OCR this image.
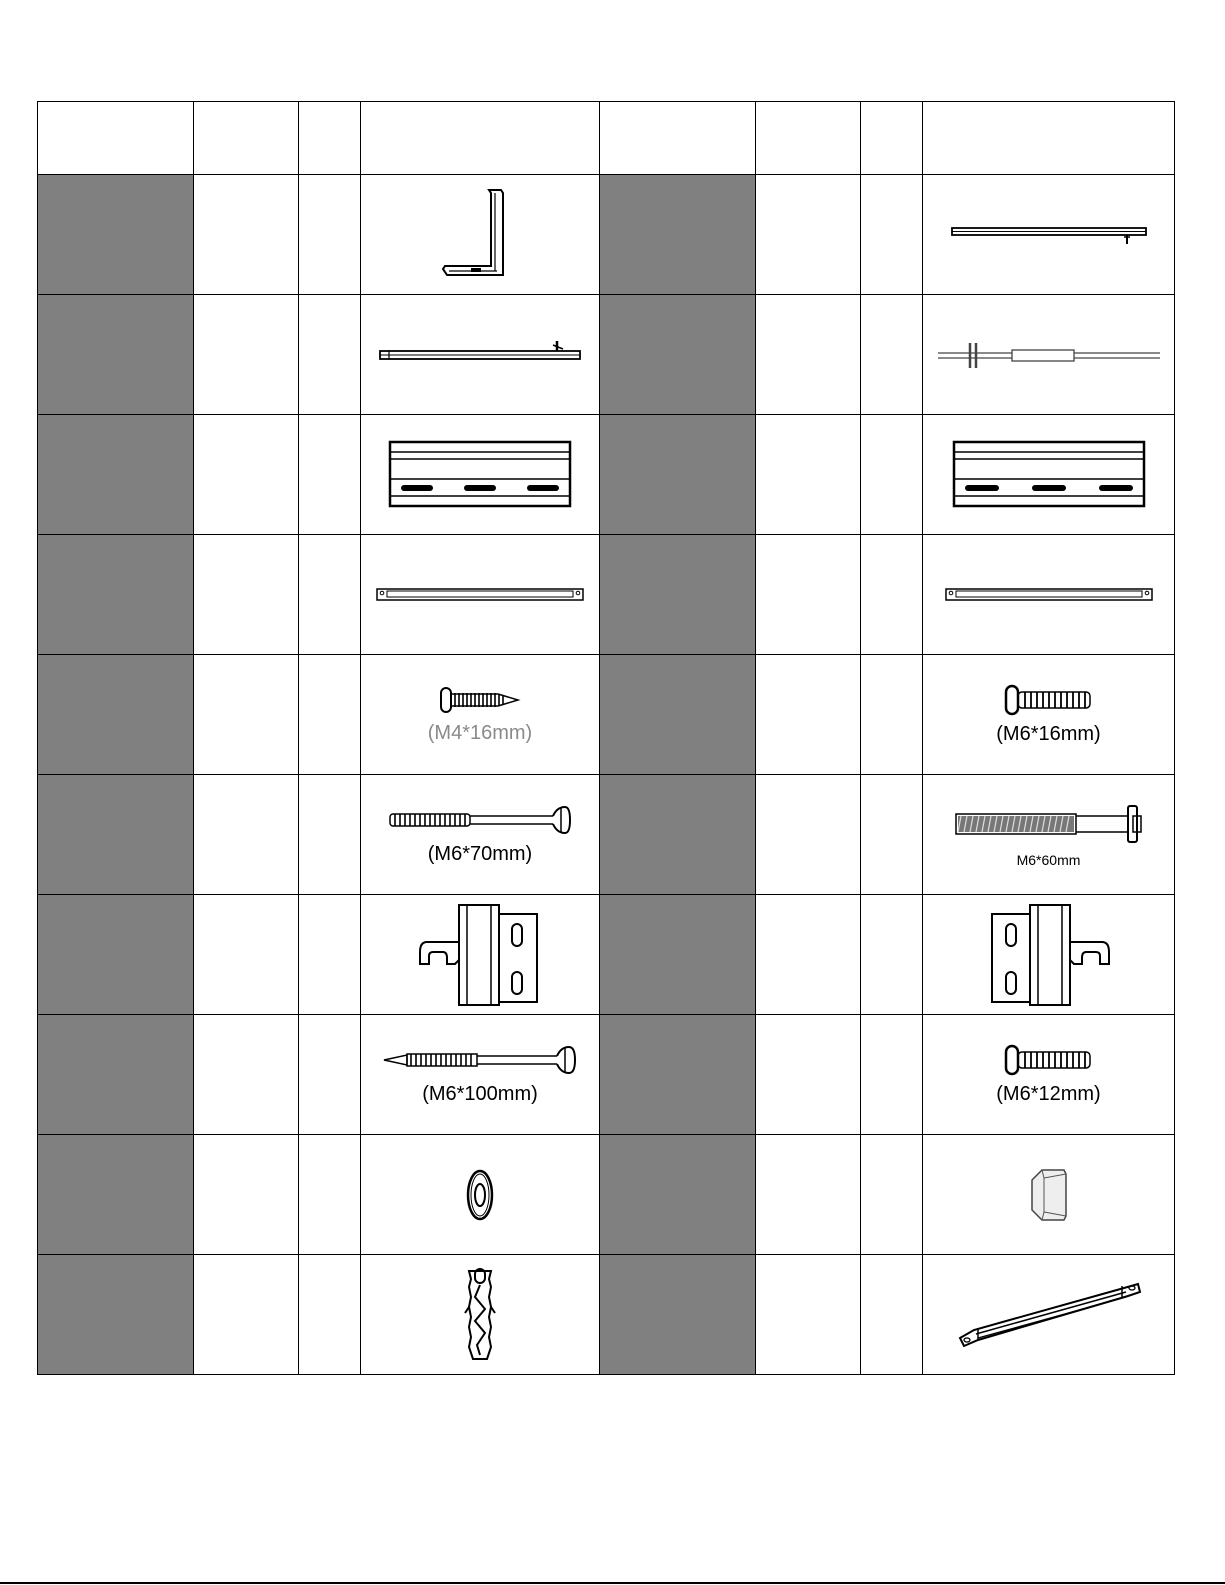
			(M4*16mm)				(M6*16mm)

			(M6*70mm)				M6*60mm

			(M6*100mm)				(M6*12mm)
